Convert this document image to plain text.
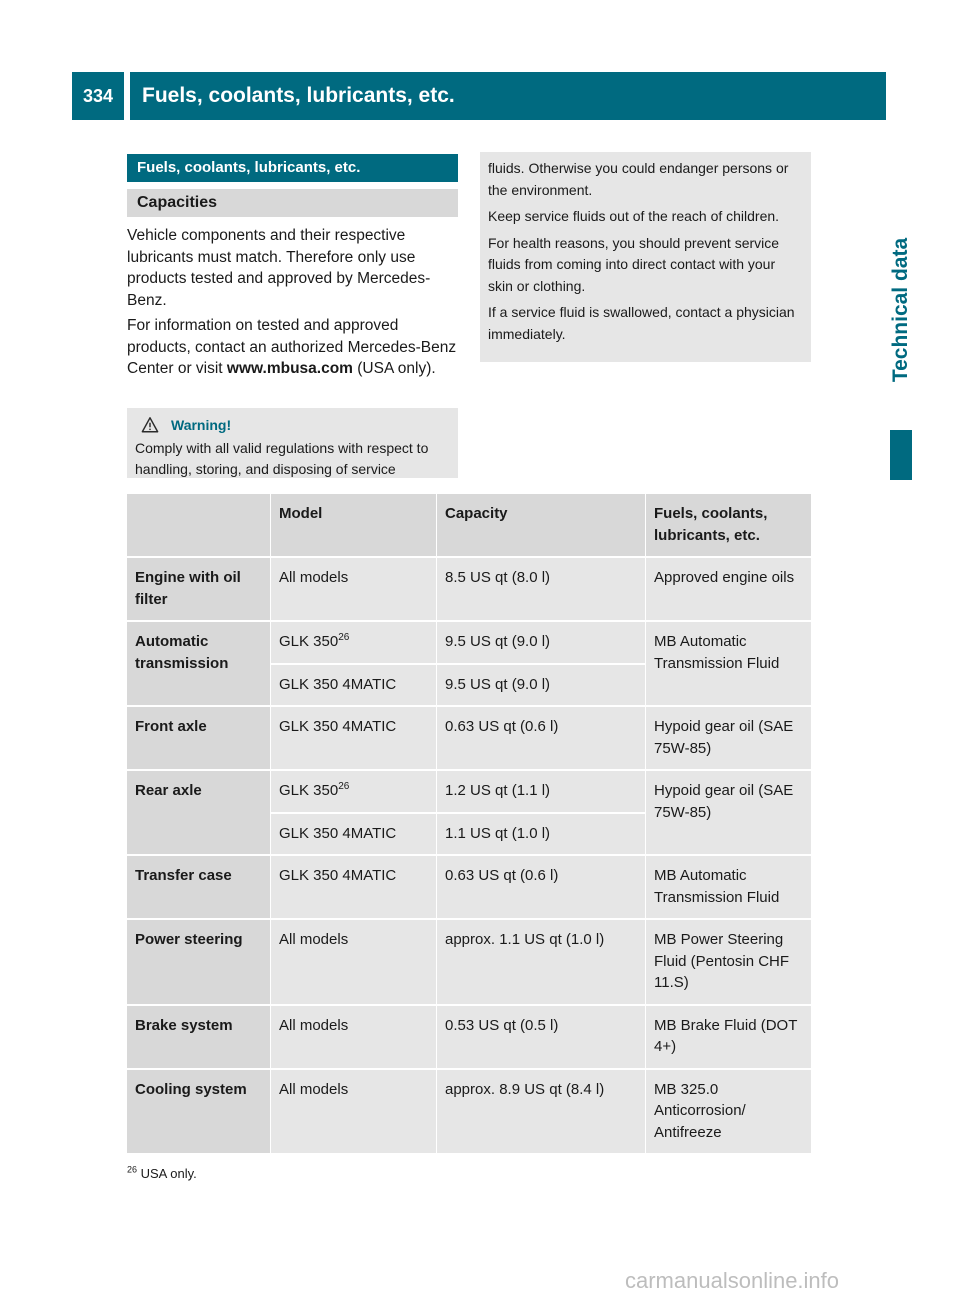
334	Fuels, coolants, lubricants, etc.
Technical data
Fuels, coolants, lubricants, etc.
Capacities

Vehicle components and their respective lubricants must match. Therefore only use products tested and approved by Mercedes-Benz.

For information on tested and approved products, contact an authorized Mercedes-Benz Center or visit www.mbusa.com (USA only).

Warning!
Comply with all valid regulations with respect to handling, storing, and disposing of service

fluids. Otherwise you could endanger persons or the environment.

Keep service fluids out of the reach of children.

For health reasons, you should prevent service fluids from coming into direct contact with your skin or clothing.

If a service fluid is swallowed, contact a physician immediately.

	Model	Capacity	Fuels, coolants, lubricants, etc.
Engine with oil filter	All models	8.5 US qt (8.0 l)	Approved engine oils
Automatic transmission	GLK $350^{26}$	9.5 US qt (9.0 l)	MB Automatic Transmission Fluid
	GLK 350 4MATIC	9.5 US qt (9.0 l)	
Front axle	GLK 350 4MATIC	0.63 US qt (0.6 l)	Hypoid gear oil (SAE 75W-85)
Rear axle	GLK $350^{26}$	1.2 US qt (1.1 l)	Hypoid gear oil (SAE 75W-85)
	GLK 350 4MATIC	1.1 US qt (1.0 l)	
Transfer case	GLK 350 4MATIC	0.63 US qt (0.6 l)	MB Automatic Transmission Fluid
Power steering	All models	approx. 1.1 US qt (1.0 l)	MB Power Steering Fluid (Pentosin CHF 11.S)
Brake system	All models	0.53 US qt (0.5 l)	MB Brake Fluid (DOT 4+)
Cooling system	All models	approx. 8.9 US qt (8.4 l)	MB 325.0 Anticorrosion/ Antifreeze
$^{26}$ USA only.
carmanualsonline.info
